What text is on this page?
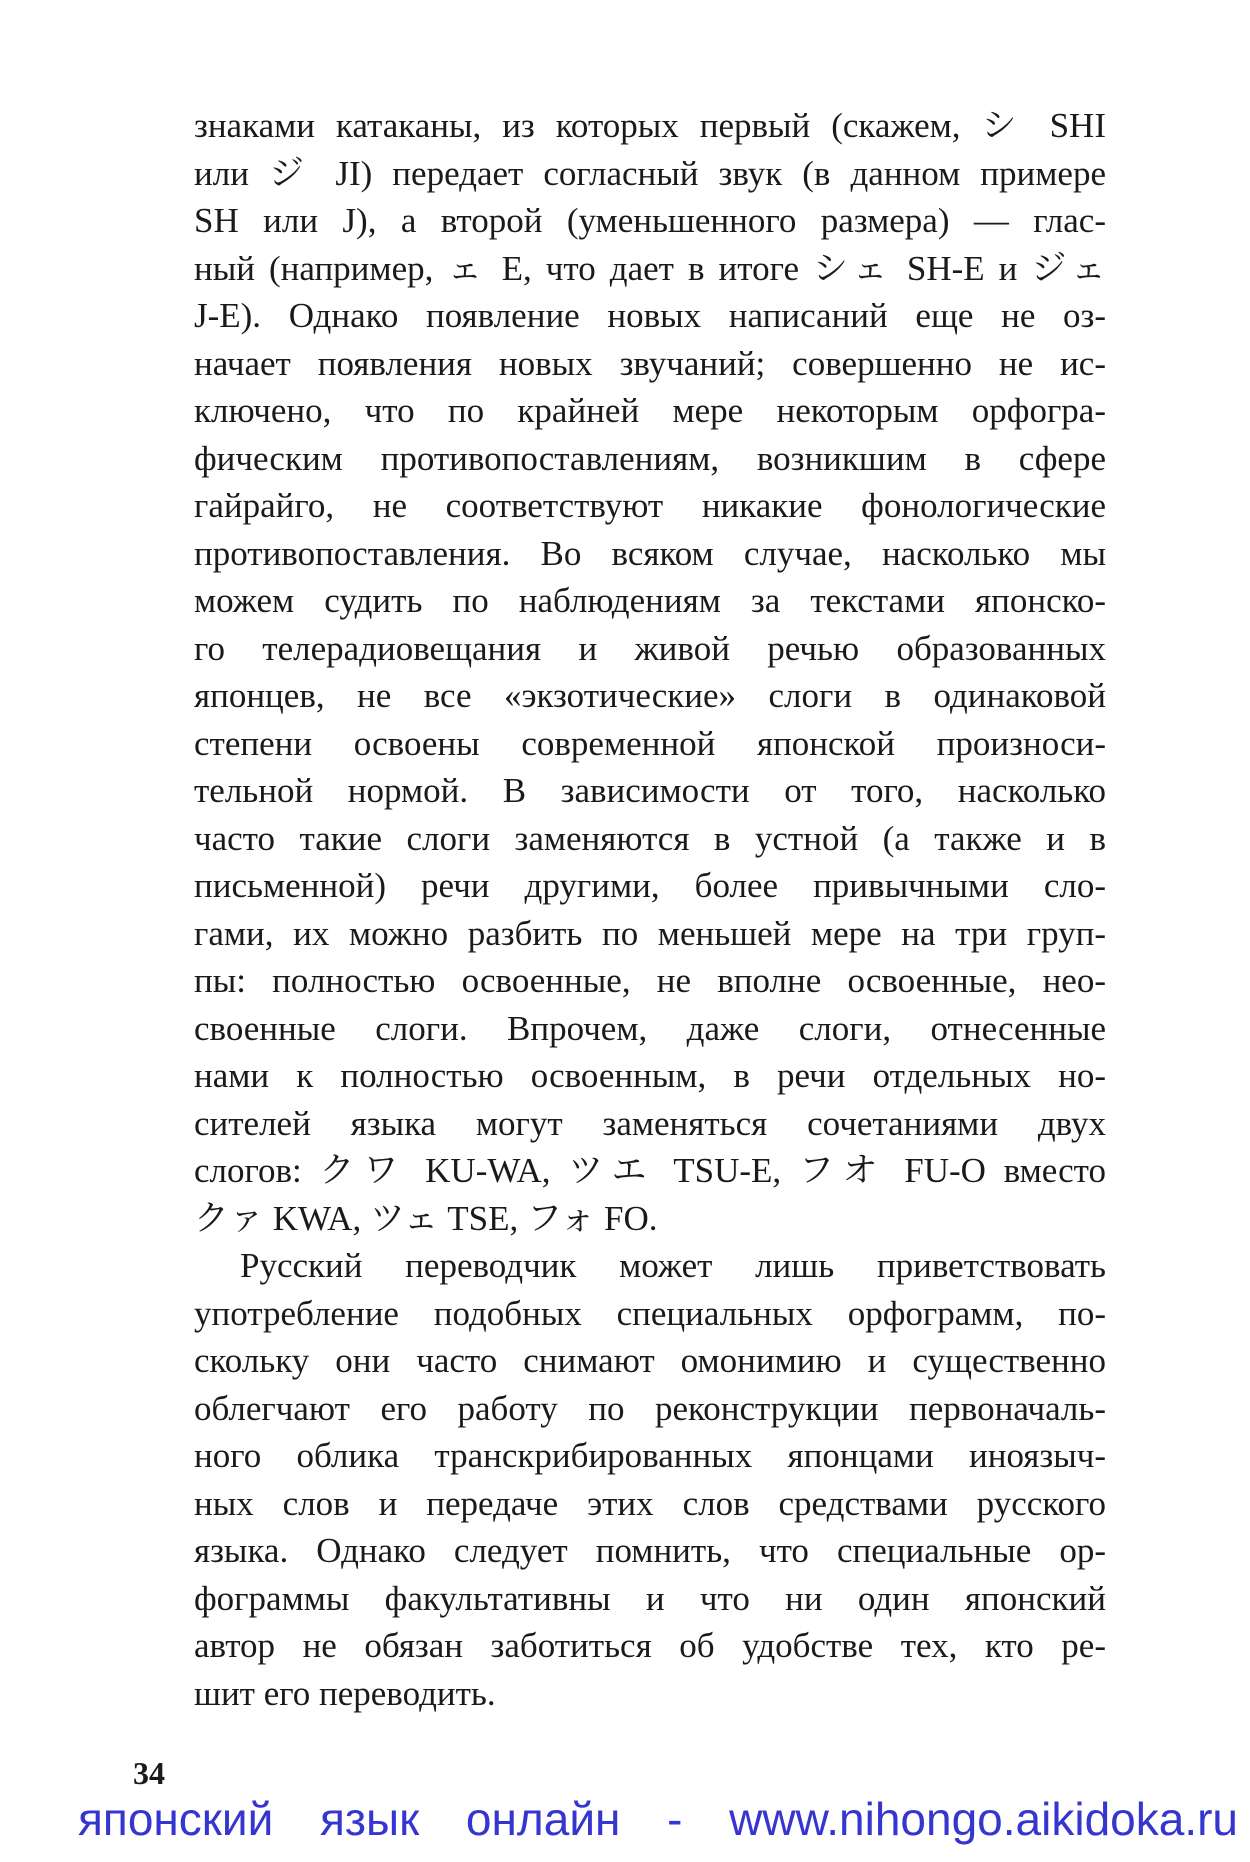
знаками катаканы, из которых первый (скажем, シ SHI
или ジ JI) передает согласный звук (в данном примере
SH или J), а второй (уменьшенного размера) — глас-
ный (например, ェ E, что дает в итоге シェ SH-E и ジェ
J-E). Однако появление новых написаний еще не оз-
начает появления новых звучаний; совершенно не ис-
ключено, что по крайней мере некоторым орфогра-
фическим противопоставлениям, возникшим в сфере
гайрайго, не соответствуют никакие фонологические
противопоставления. Во всяком случае, насколько мы
можем судить по наблюдениям за текстами японско-
го телерадиовещания и живой речью образованных
японцев, не все «экзотические» слоги в одинаковой
степени освоены современной японской произноси-
тельной нормой. В зависимости от того, насколько
часто такие слоги заменяются в устной (а также и в
письменной) речи другими, более привычными сло-
гами, их можно разбить по меньшей мере на три груп-
пы: полностью освоенные, не вполне освоенные, нео-
своенные слоги. Впрочем, даже слоги, отнесенные
нами к полностью освоенным, в речи отдельных но-
сителей языка могут заменяться сочетаниями двух
слогов: クワ KU-WA, ツエ TSU-E, フオ FU-O вместо
クァ KWA, ツェ TSE, フォ FO.
Русский переводчик может лишь приветствовать
употребление подобных специальных орфограмм, по-
скольку они часто снимают омонимию и существенно
облегчают его работу по реконструкции первоначаль-
ного облика транскрибированных японцами иноязыч-
ных слов и передаче этих слов средствами русского
языка. Однако следует помнить, что специальные ор-
фограммы факультативны и что ни один японский
автор не обязан заботиться об удобстве тех, кто ре-
шит его переводить.
34
японский язык онлайн - www.nihongo.aikidoka.ru
